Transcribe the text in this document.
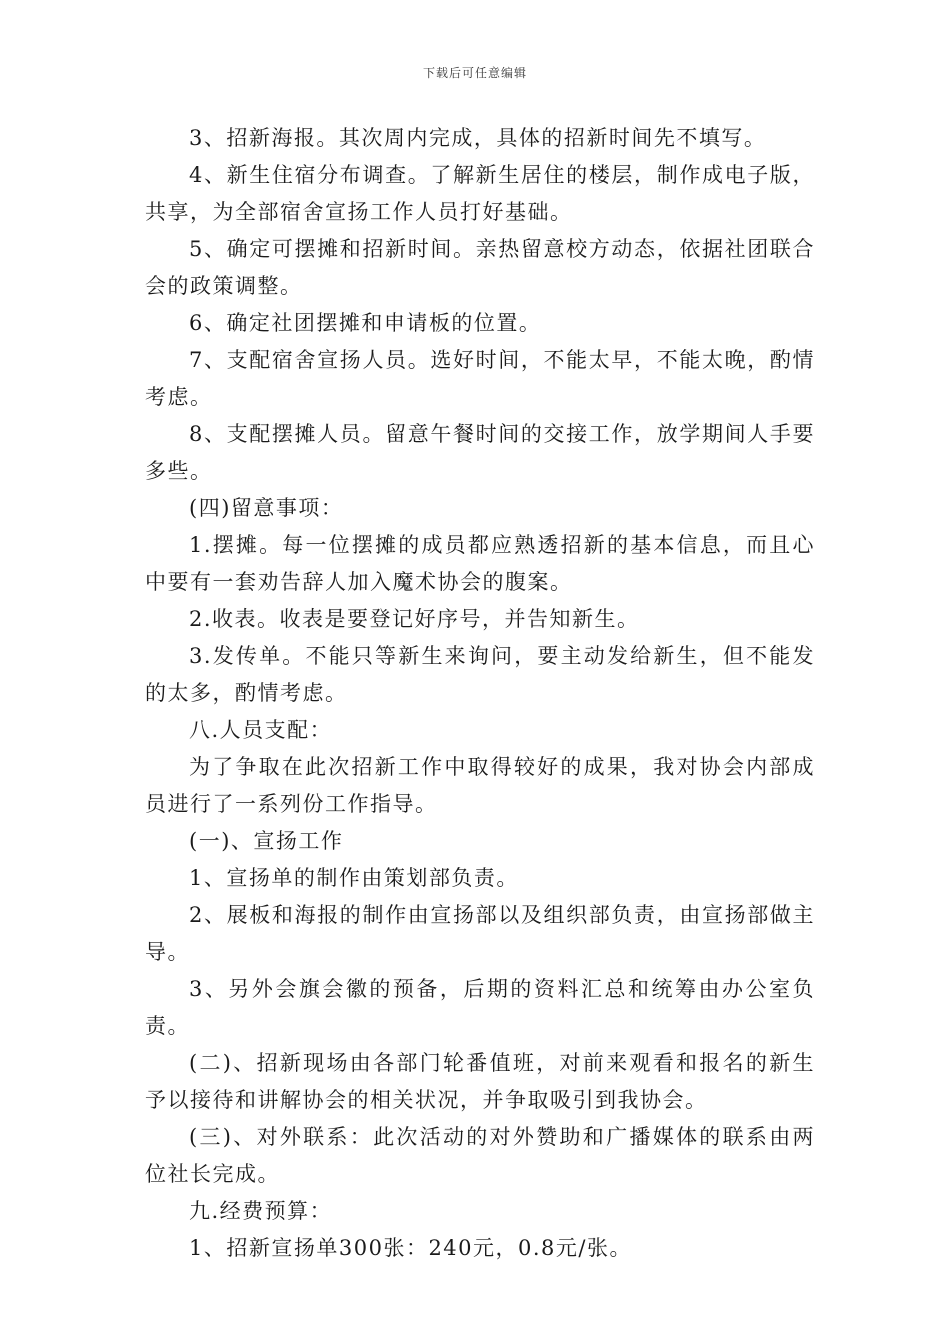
下载后可任意编辑

3、招新海报。其次周内完成，具体的招新时间先不填写。

4、新生住宿分布调查。了解新生居住的楼层，制作成电子版，共享，为全部宿舍宣扬工作人员打好基础。

5、确定可摆摊和招新时间。亲热留意校方动态，依据社团联合会的政策调整。

6、确定社团摆摊和申请板的位置。

7、支配宿舍宣扬人员。选好时间，不能太早，不能太晚，酌情考虑。

8、支配摆摊人员。留意午餐时间的交接工作，放学期间人手要多些。

(四)留意事项：

1.摆摊。每一位摆摊的成员都应熟透招新的基本信息，而且心中要有一套劝告辞人加入魔术协会的腹案。

2.收表。收表是要登记好序号，并告知新生。

3.发传单。不能只等新生来询问，要主动发给新生，但不能发的太多，酌情考虑。

八.人员支配：

为了争取在此次招新工作中取得较好的成果，我对协会内部成员进行了一系列份工作指导。

(一)、宣扬工作

1、宣扬单的制作由策划部负责。

2、展板和海报的制作由宣扬部以及组织部负责，由宣扬部做主导。

3、另外会旗会徽的预备，后期的资料汇总和统筹由办公室负责。

(二)、招新现场由各部门轮番值班，对前来观看和报名的新生予以接待和讲解协会的相关状况，并争取吸引到我协会。

(三)、对外联系：此次活动的对外赞助和广播媒体的联系由两位社长完成。

九.经费预算：

1、招新宣扬单300张：240元，0.8元/张。
